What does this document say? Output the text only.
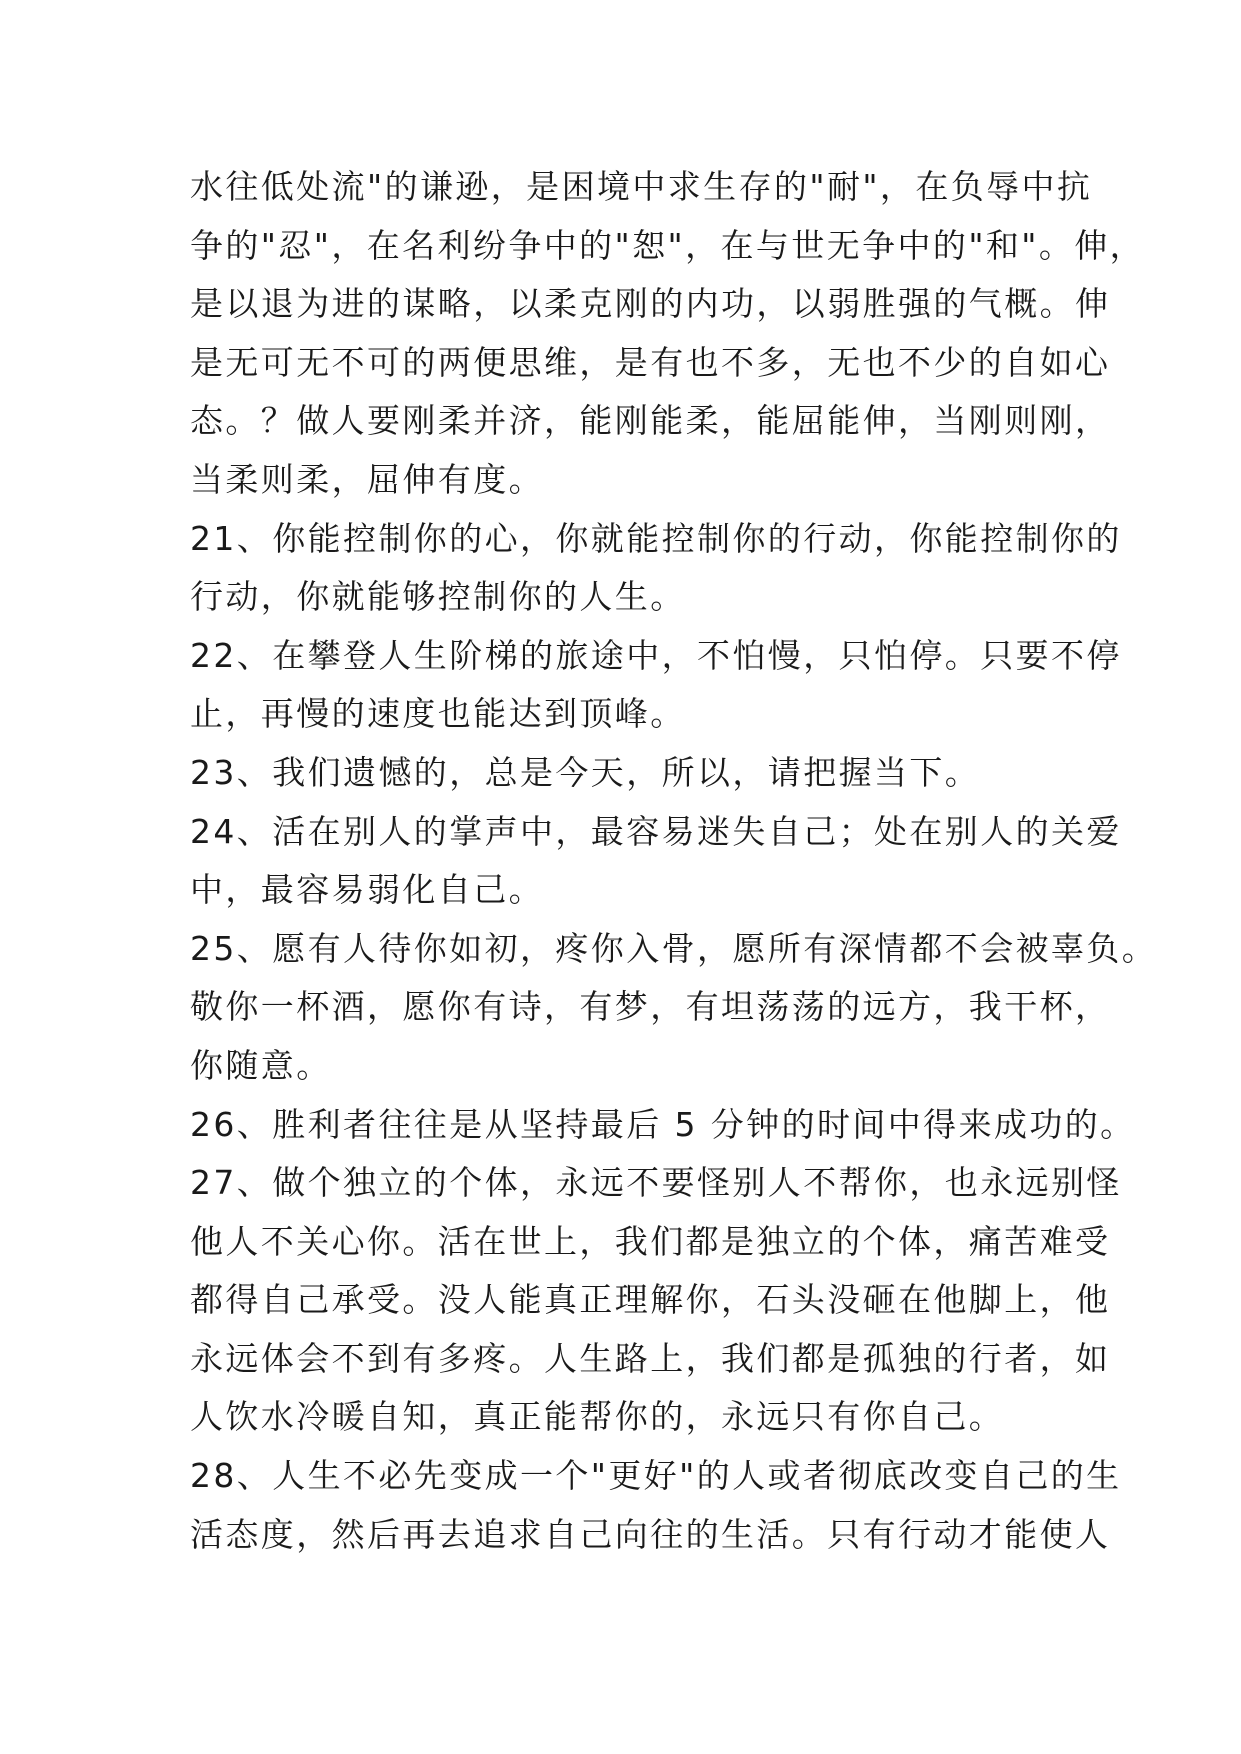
水往低处流"的谦逊，是困境中求生存的"耐"，在负辱中抗
争的"忍"，在名利纷争中的"恕"，在与世无争中的"和"。伸，
是以退为进的谋略，以柔克刚的内功，以弱胜强的气概。伸
是无可无不可的两便思维，是有也不多，无也不少的自如心
态。？做人要刚柔并济，能刚能柔，能屈能伸，当刚则刚，
当柔则柔，屈伸有度。
21、你能控制你的心，你就能控制你的行动，你能控制你的
行动，你就能够控制你的人生。
22、在攀登人生阶梯的旅途中，不怕慢，只怕停。只要不停
止，再慢的速度也能达到顶峰。
23、我们遗憾的，总是今天，所以，请把握当下。
24、活在别人的掌声中，最容易迷失自己；处在别人的关爱
中，最容易弱化自己。
25、愿有人待你如初，疼你入骨，愿所有深情都不会被辜负。
敬你一杯酒，愿你有诗，有梦，有坦荡荡的远方，我干杯，
你随意。
26、胜利者往往是从坚持最后 5 分钟的时间中得来成功的。
27、做个独立的个体，永远不要怪别人不帮你，也永远别怪
他人不关心你。活在世上，我们都是独立的个体，痛苦难受
都得自己承受。没人能真正理解你，石头没砸在他脚上，他
永远体会不到有多疼。人生路上，我们都是孤独的行者，如
人饮水冷暖自知，真正能帮你的，永远只有你自己。
28、人生不必先变成一个"更好"的人或者彻底改变自己的生
活态度，然后再去追求自己向往的生活。只有行动才能使人
